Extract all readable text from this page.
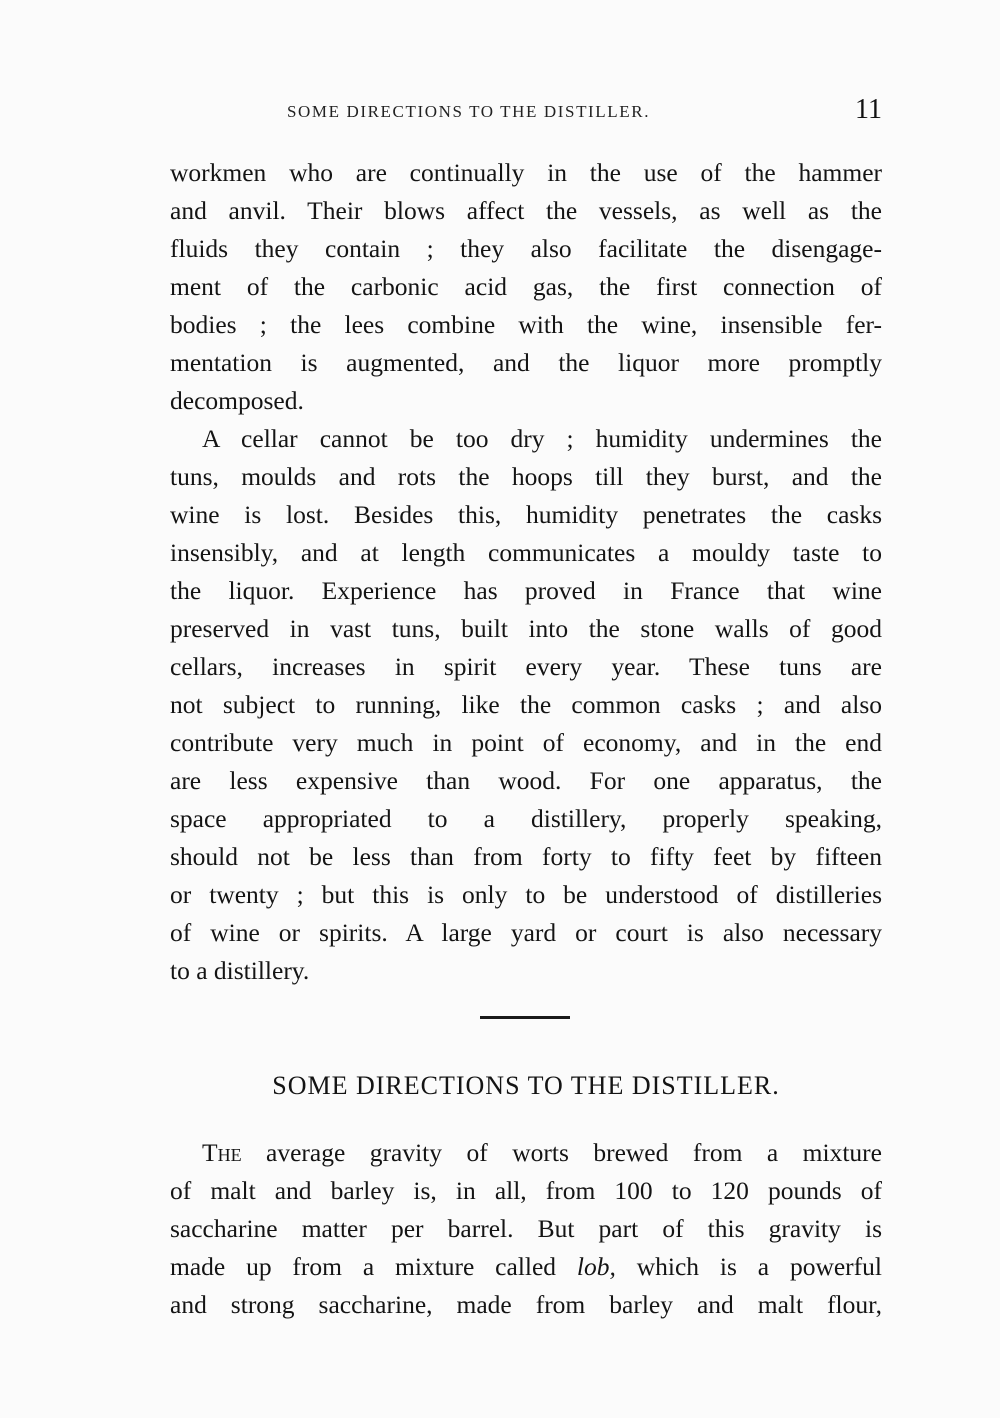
SOME DIRECTIONS TO THE DISTILLER.	11
workmen who are continually in the use of the hammer
and anvil. Their blows affect the vessels, as well as the
fluids they contain ; they also facilitate the disengage-
ment of the carbonic acid gas, the first connection of
bodies ; the lees combine with the wine, insensible fer-
mentation is augmented, and the liquor more promptly
decomposed.
A cellar cannot be too dry ; humidity undermines the
tuns, moulds and rots the hoops till they burst, and the
wine is lost. Besides this, humidity penetrates the casks
insensibly, and at length communicates a mouldy taste to
the liquor. Experience has proved in France that wine
preserved in vast tuns, built into the stone walls of good
cellars, increases in spirit every year. These tuns are
not subject to running, like the common casks ; and also
contribute very much in point of economy, and in the end
are less expensive than wood. For one apparatus, the
space appropriated to a distillery, properly speaking,
should not be less than from forty to fifty feet by fifteen
or twenty ; but this is only to be understood of distilleries
of wine or spirits. A large yard or court is also necessary
to a distillery.
SOME DIRECTIONS TO THE DISTILLER.
The average gravity of worts brewed from a mixture
of malt and barley is, in all, from 100 to 120 pounds of
saccharine matter per barrel. But part of this gravity is
made up from a mixture called lob, which is a powerful
and strong saccharine, made from barley and malt flour,
